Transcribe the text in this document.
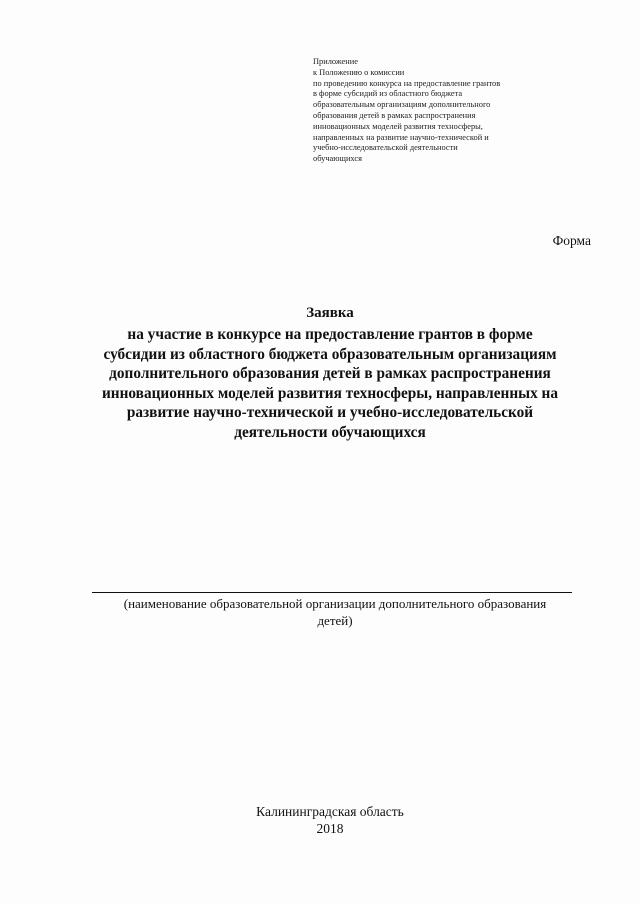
Приложение
к Положению о комиссии
по проведению конкурса на предоставление грантов
в форме субсидий из областного бюджета
образовательным организациям дополнительного
образования детей в рамках распространения
инновационных моделей развития техносферы,
направленных на развитие научно-технической и
учебно-исследовательской деятельности
обучающихся
Форма
Заявка
на участие в конкурсе на предоставление грантов в форме
субсидии из областного бюджета образовательным организациям
дополнительного образования детей в рамках распространения
инновационных моделей развития техносферы, направленных на
развитие научно-технической и учебно-исследовательской
деятельности обучающихся
(наименование образовательной организации дополнительного образования
детей)
Калининградская область
2018
